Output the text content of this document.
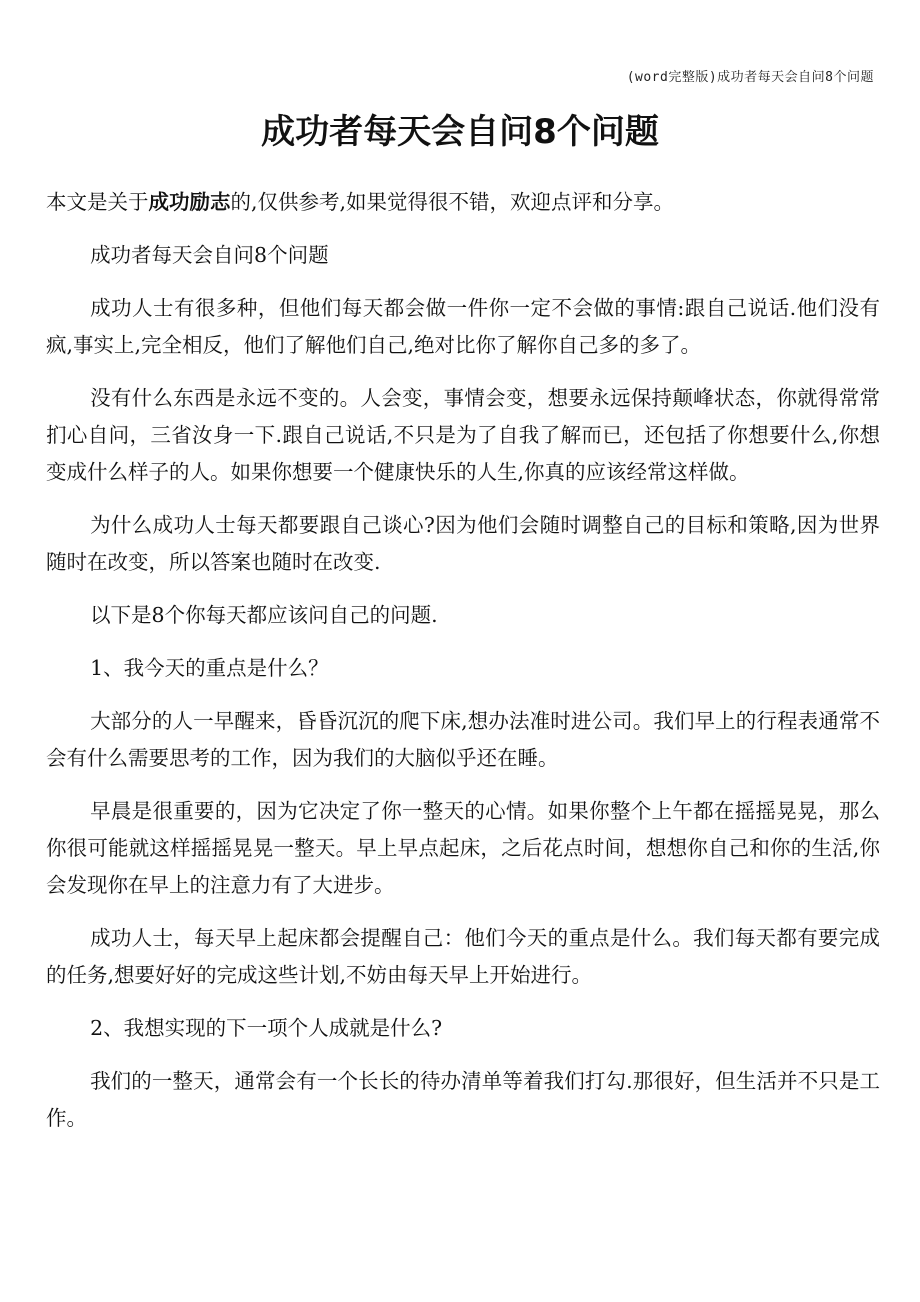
(word完整版)成功者每天会自问8个问题
成功者每天会自问8个问题

本文是关于成功励志的,仅供参考,如果觉得很不错，欢迎点评和分享。

成功者每天会自问8个问题

成功人士有很多种，但他们每天都会做一件你一定不会做的事情:跟自己说话.他们没有疯,事实上,完全相反，他们了解他们自己,绝对比你了解你自己多的多了。

没有什么东西是永远不变的。人会变，事情会变，想要永远保持颠峰状态，你就得常常扪心自问，三省汝身一下.跟自己说话,不只是为了自我了解而已，还包括了你想要什么,你想变成什么样子的人。如果你想要一个健康快乐的人生,你真的应该经常这样做。

为什么成功人士每天都要跟自己谈心?因为他们会随时调整自己的目标和策略,因为世界随时在改变，所以答案也随时在改变.

以下是8个你每天都应该问自己的问题.

1、我今天的重点是什么？

大部分的人一早醒来，昏昏沉沉的爬下床,想办法准时进公司。我们早上的行程表通常不会有什么需要思考的工作，因为我们的大脑似乎还在睡。

早晨是很重要的，因为它决定了你一整天的心情。如果你整个上午都在摇摇晃晃，那么你很可能就这样摇摇晃晃一整天。早上早点起床，之后花点时间，想想你自己和你的生活,你会发现你在早上的注意力有了大进步。

成功人士，每天早上起床都会提醒自己：他们今天的重点是什么。我们每天都有要完成的任务,想要好好的完成这些计划,不妨由每天早上开始进行。

2、我想实现的下一项个人成就是什么?

我们的一整天，通常会有一个长长的待办清单等着我们打勾.那很好，但生活并不只是工作。
